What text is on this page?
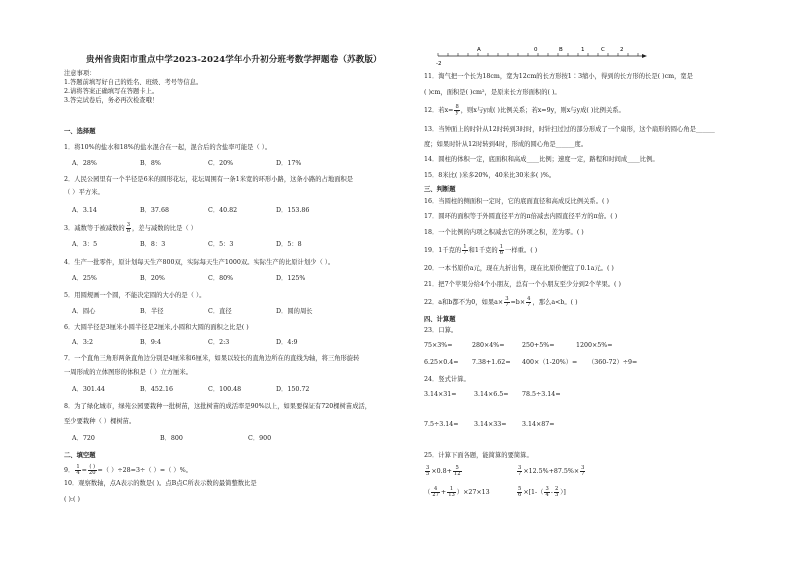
贵州省贵阳市重点中学2023-2024学年小升初分班考数学押题卷（苏教版）
注意事项：
1.答题前填写好自己的姓名、班级、考号等信息。
2.请将答案正确填写在答题卡上。
3.答完试卷后，务必再次检查哦！
一、选择题
1．将10%的盐水和18%的盐水混合在一起，混合后的含盐率可能是（ ）。
A．28%	B．8%	C．20%	D．17%
2．人民公园里有一个半径是6米的圆形花坛，花坛周围有一条1米宽的环形小路，这条小路的占地面积是
（ ）平方米。
A．3.14	B．37.68	C．40.82	D．153.86
3．减数等于被减数的 $\frac{3}{8}$ ，差与减数的比是（ ）
A．3：5	B．8：3	C．5：3	D．5：8
4．生产一批零件，原计划每天生产800双，实际每天生产1000双。实际生产的比原计划少（ ）。
A．25%	B．20%	C．80%	D．125%
5．用圆规画一个圆，不能决定圆的大小的是（ ）。
A．圆心	B．半径	C．直径	D．圆的周长
6．大圆半径是3厘米小圆半径是2厘米,小圆和大圆的面积之比是( )
A．3:2	B．9:4	C．2:3	D．4:9
7．一个直角三角形两条直角边分别是4厘米和6厘米，如果以较长的直角边所在的直线为轴，将三角形旋转
一周形成的立体图形的体积是（ ）立方厘米。
A．301.44	B．452.16	C．100.48	D．150.72
8．为了绿化城市，绿苑公园要栽种一批树苗，这批树苗的成活率是90%以上，如果要保证有720棵树苗成活，
至少要栽种（ ）棵树苗。
A．720	B．800	C．900
二、填空题
9． $\frac{1}{4} = \frac{( )}{20}$ =（ ）÷28=3÷（ ）=（ ）%。
10．观察数轴，点A表示的数是( )。点B点C所表示数的最简整数比是
( ):( )
-2
A	0	B	1	C	2
11．淘气把一个长为18cm，宽为12cm的长方形按1∶3缩小，得到的长方形的长是( )cm，宽是
( )cm，面积是( )cm²，是原来长方形面积的( )。
12．若$x= \frac{8}{y}$ ，则x与y成( )比例关系；若x=9y，则x与y成( )比例关系。
13．当钟面上的时针从12时转到3时时，时针扫过过的部分形成了一个扇形，这个扇形的圆心角是______
度；如果时针从12时转到4时，形成的圆心角是______度。
14．圆柱的体积一定，底面积和高成____比例；速度一定，路程和时间成____比例。
15．8米比( )米多20%，40米比30米多( )%。
三、判断题
16．当圆柱的侧面积一定时，它的底面直径和高成反比例关系。( )
17．圆环的面积等于外圆直径平方的π倍减去内圆直径平方的π倍。( )
18．一个比例的内项之积减去它的外项之积，差为零。( )
19．1千克的 $\frac{1}{7}$ 和1千克的 $\frac{1}{6}$ 一样重。( )
20．一本书原价a元，现在九折出售，现在比原价便宜了0.1a元。( )
21．把7个苹果分给4个小朋友，总有一个小朋友至少分到2个苹果。( )
22．a和b都不为0，如果$a\times \frac{3}{7} =b\times \frac{4}{7}$ ，那么a<b。( )
四、计算题
23．口算。
75×3%=	280×4%=	250+5%=	1200×5%=
6.25×0.4= 7.38+1.62= 400×（1-20%）= （360-72）÷9=
24．竖式计算。
3.14×31=	3.14×6.5= 78.5÷3.14=
7.5÷3.14= 3.14×33= 3.14×87=
25．计算下面各题，能简算的要简算。
$\frac{3}{5} \times 0.8+ \frac{5}{12}$	$\frac{3}{7} \times 12.5\%+87.5\%\times \frac{3}{7}$
（ $\frac{4}{27} + \frac{1}{13} )\times 27\times 13$	$\frac{5}{6} \times[1-( \frac{3}{4} - \frac{2}{3}$ ）]
